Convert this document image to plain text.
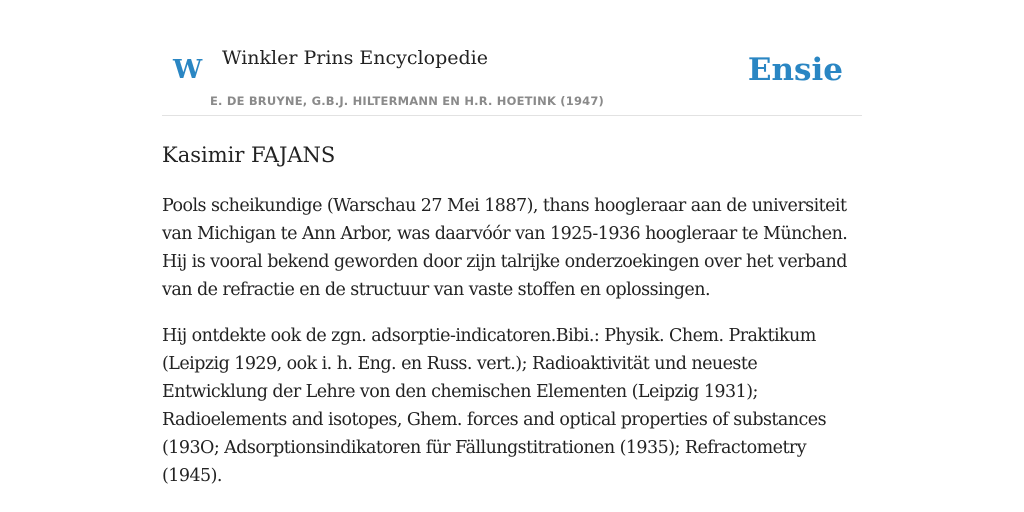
W Winkler Prins Encyclopedie
E. DE BRUYNE, G.B.J. HILTERMANN EN H.R. HOETINK (1947)
Ensie
Kasimir FAJANS

Pools scheikundige (Warschau 27 Mei 1887), thans hoogleraar aan de universiteit
van Michigan te Ann Arbor, was daarvóór van 1925-1936 hoogleraar te München.
Hij is vooral bekend geworden door zijn talrijke onderzoekingen over het verband
van de refractie en de structuur van vaste stoffen en oplossingen.

Hij ontdekte ook de zgn. adsorptie-indicatoren.Bibi.: Physik. Chem. Praktikum
(Leipzig 1929, ook i. h. Eng. en Russ. vert.); Radioaktivität und neueste
Entwicklung der Lehre von den chemischen Elementen (Leipzig 1931);
Radioelements and isotopes, Ghem. forces and optical properties of substances
(193O; Adsorptionsindikatoren für Fällungstitrationen (1935); Refractometry
(1945).
